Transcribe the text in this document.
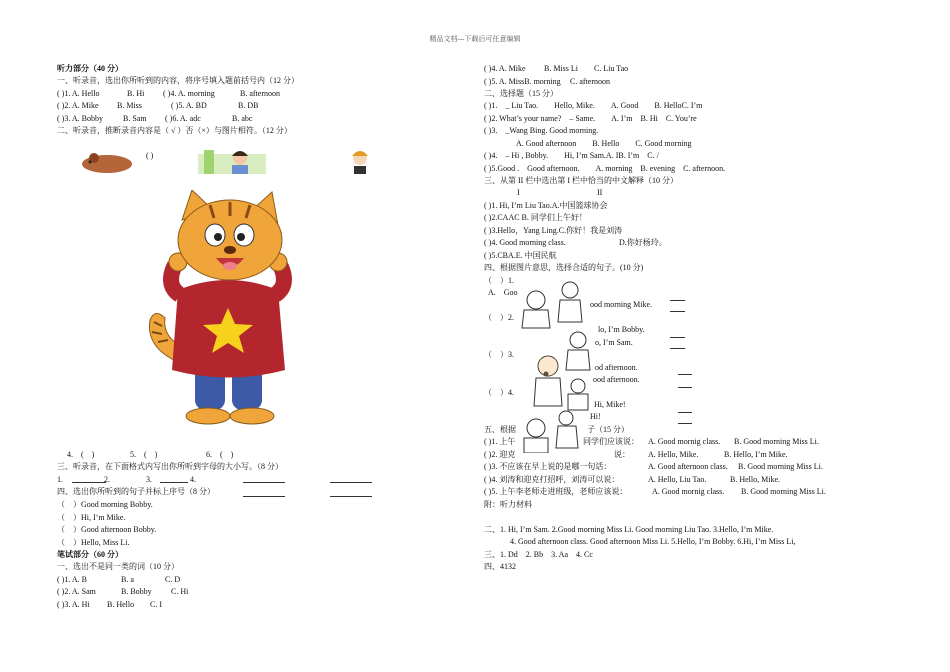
精品文档---下载后可任意编辑
听力部分（40 分）
一、听录音，选出你所听到的内容，将序号填入题前括号内（12 分）
( )1. A. Hello	B. Hi ( )4. A. morning	B. afternoon
( )2. A. Mike B. Miss	( )5. A. BD	B. DB
( )3. A. Bobby	B. Sam ( )6. A. adc	B. abc
二、听录音，推断录音内容是（ √ ）否（×）与图片相符。（12 分）
( )
4.　(　)	5.　(　)	6.　(　)
三、听录音，在下面格式内写出你所听到字母的大小写。（8 分）
1.	2.	3.	4.
四、选出你所听到的句子并标上序号（8 分）
（　）Good morning Bobby.
（　）Hi, I’m Mike.
（　）Good afternoon Bobby.
（　）Hello, Miss Li.
笔试部分（60 分）
一、选出不是同一类的词（10 分）
( )1. A. B	B. a	C. D
( )2. A. Sam	B. Bobby C. Hi
( )3. A. Hi B. Hello C. I
( )4. A. Mike B. Miss Li C. Liu Tao
( )5. A. MissB. morning C. afternoon
二、选择题（15 分）
( )1.　_ Liu Tao.　　Hello, Mike.　　A. Good　　B. HelloC. I’m
( )2. What’s your name?　– Same.　　A. I’m　B. Hi　C. You’re
( )3.　_Wang Bing. Good morning.
　　　　A. Good afternoon　　B. Hello　　C. Good morning
( )4.　– Hi , Bobby.　　Hi, I’m Sam.A. IB. I’m　C. /
( )5.Good .　Good afternoon.　　A. morning　B. evening　C. afternoon.
三、从第 II 栏中选出第 I 栏中恰当的中文解释（10 分）
I	II
( )1. Hi, I’m Liu Tao.A.中国篮球协会
( )2.CAAC B. 同学们上午好！
( )3.Hello，Yang Ling.C.你好！我是刘涛
( )4. Good morning class.	D.你好杨玲。
( )5.CBA.E. 中国民航
四、根据图片意思，选择合适的句子。(10 分)
（　）1.
A.　Goo
ood morning Mike.
（　）2.
lo, I’m Bobby.
o, I’m Sam.
（　）3.
od afternoon.
ood afternoon.
（　）4.
Hi, Mike!
Hi!
五、根据	子（15 分）
( )1. 上午	同学们应该说： A. Good mornig class. B. Good morning Miss Li.
( )2. 迎克	说： A. Hello, Mike.	B. Hello, I’m Mike.
( )3. 不应该在早上说的是哪一句话：	A. Good afternoon class. B. Good morning Miss Li.
( )4. 刘涛和迎克打招呼，刘涛可以说：	A. Hello, Liu Tao.	B. Hello, Mike.
( )5. 上午李老师走进班级，老师应该说：	A. Good mornig class. B. Good morning Miss Li.
附：听力材料
二、1. Hi, I’m Sam. 2.Good morning Miss Li. Good morning Liu Tao. 3.Hello, I’m Mike.
4. Good afternoon class. Good afternoon Miss Li. 5.Hello, I’m Bobby. 6.Hi, I’m Miss Li,
三、1. Dd　2. Bb　3. Aa　4. Cc
四、4132
